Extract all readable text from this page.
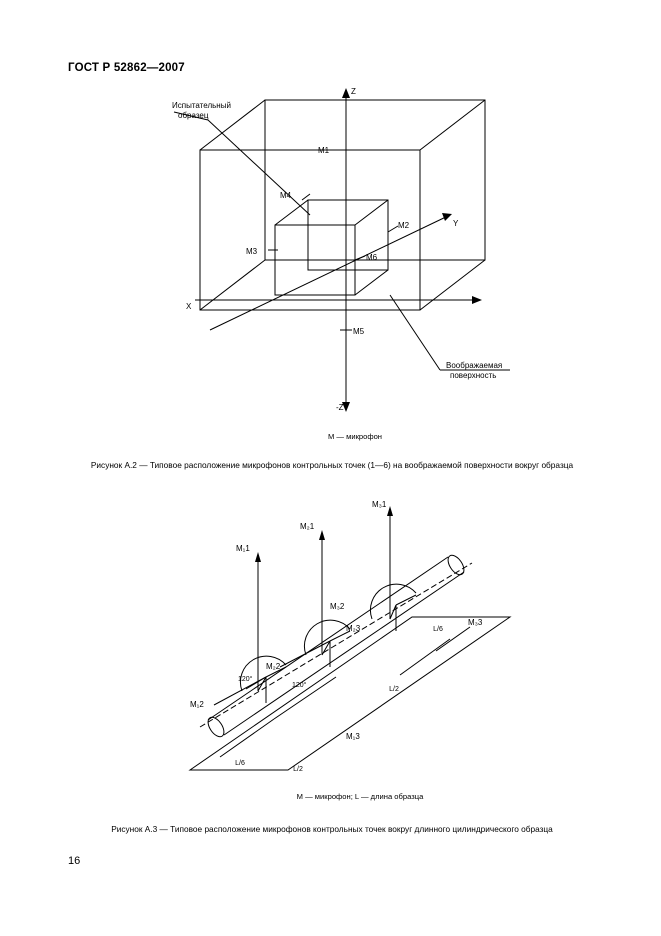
ГОСТ Р 52862—2007
Испытательный
образец
Воображаемая
поверхность
Z
-Z
X
Y
М1
М2
М3
М4
М5
М6
М — микрофон
Рисунок А.2 — Типовое расположение микрофонов контрольных точек (1—6) на воображаемой поверхности вокруг образца
М₁1
М₁2
М₁3
М₂1
М₂2
М₂3
М₃1
М₃2
М₃3
120°
120°
L/6
L/2
L/2
L/6
М — микрофон; L — длина образца
Рисунок А.3 — Типовое расположение микрофонов контрольных точек вокруг длинного цилиндрического образца
16
